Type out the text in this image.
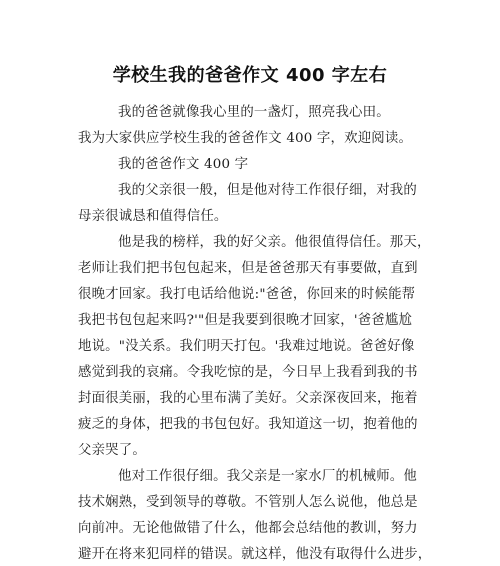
学校生我的爸爸作文 400 字左右
我的爸爸就像我心里的一盏灯，照亮我心田。
我为大家供应学校生我的爸爸作文 400 字，欢迎阅读。
我的爸爸作文 400 字
我的父亲很一般，但是他对待工作很仔细，对我的
母亲很诚恳和值得信任。
他是我的榜样，我的好父亲。他很值得信任。那天，
老师让我们把书包包起来，但是爸爸那天有事要做，直到
很晚才回家。我打电话给他说:"爸爸，你回来的时候能帮
我把书包包起来吗?'"但是我要到很晚才回家，'爸爸尴尬
地说。"没关系。我们明天打包。'我难过地说。爸爸好像
感觉到我的哀痛。令我吃惊的是，今日早上我看到我的书
封面很美丽，我的心里布满了美好。父亲深夜回来，拖着
疲乏的身体，把我的书包包好。我知道这一切，抱着他的
父亲哭了。
他对工作很仔细。我父亲是一家水厂的机械师。他
技术娴熟，受到领导的尊敬。不管别人怎么说他，他总是
向前冲。无论他做错了什么，他都会总结他的教训，努力
避开在将来犯同样的错误。就这样，他没有取得什么进步，
